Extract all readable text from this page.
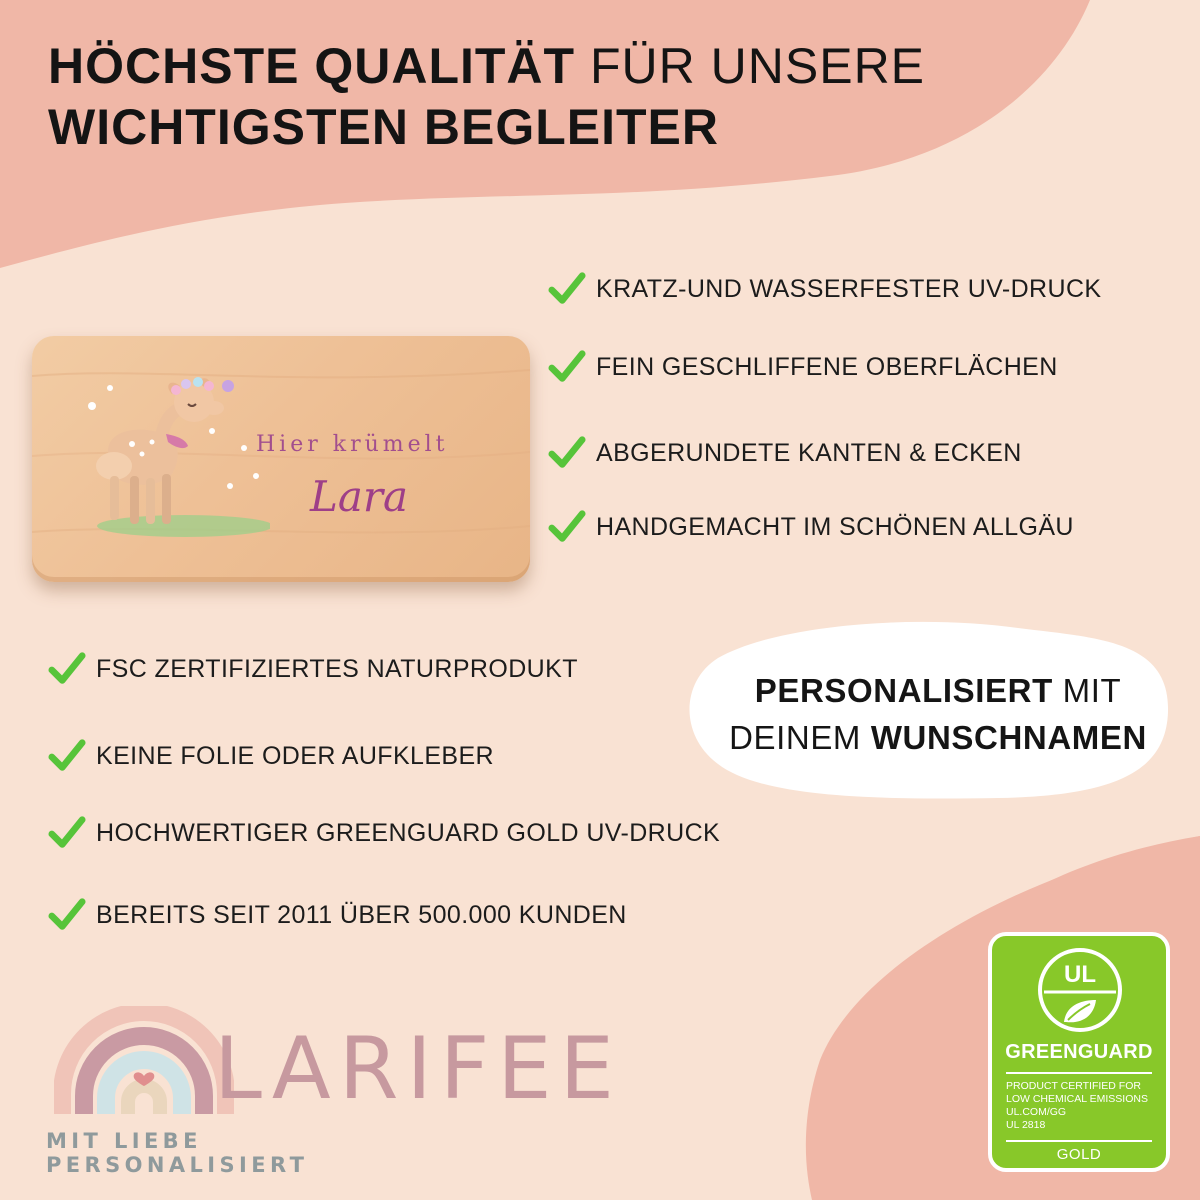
HÖCHSTE QUALITÄT FÜR UNSERE
WICHTIGSTEN BEGLEITER
KRATZ-UND WASSERFESTER UV-DRUCK
FEIN GESCHLIFFENE OBERFLÄCHEN
ABGERUNDETE KANTEN & ECKEN
HANDGEMACHT IM SCHÖNEN ALLGÄU
Hier krümelt
Lara
FSC ZERTIFIZIERTES NATURPRODUKT
KEINE FOLIE ODER AUFKLEBER
HOCHWERTIGER GREENGUARD GOLD UV-DRUCK
BEREITS SEIT 2011 ÜBER 500.000 KUNDEN
PERSONALISIERT MIT
DEINEM WUNSCHNAMEN
LARIFEE
MIT LIEBE PERSONALISIERT
UL
GREENGUARD
PRODUCT CERTIFIED FOR
LOW CHEMICAL EMISSIONS
UL.COM/GG
UL 2818
GOLD
